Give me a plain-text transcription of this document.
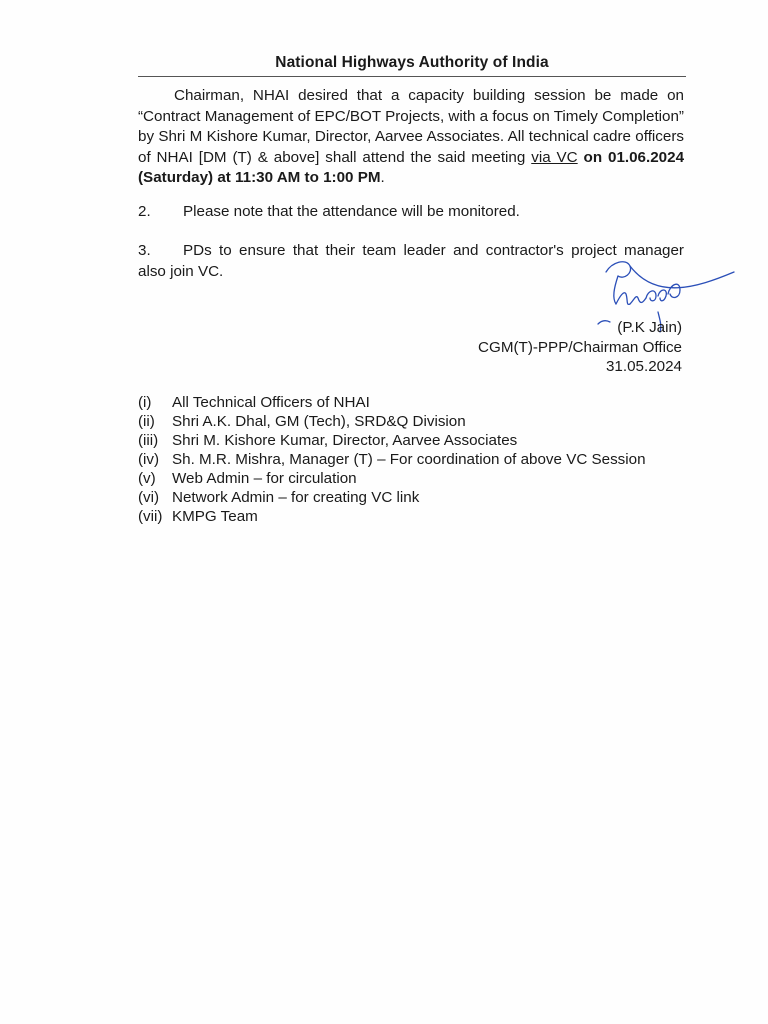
National Highways Authority of India
Chairman, NHAI desired that a capacity building session be made on “Contract Management of EPC/BOT Projects, with a focus on Timely Completion” by Shri M Kishore Kumar, Director, Aarvee Associates. All technical cadre officers of NHAI [DM (T) & above] shall attend the said meeting via VC on 01.06.2024 (Saturday) at 11:30 AM to 1:00 PM.
2. Please note that the attendance will be monitored.
3. PDs to ensure that their team leader and contractor's project manager also join VC.
(P.K Jain)
CGM(T)-PPP/Chairman Office
31.05.2024
(i) All Technical Officers of NHAI
(ii) Shri A.K. Dhal, GM (Tech), SRD&Q Division
(iii) Shri M. Kishore Kumar, Director, Aarvee Associates
(iv) Sh. M.R. Mishra, Manager (T) – For coordination of above VC Session
(v) Web Admin – for circulation
(vi) Network Admin – for creating VC link
(vii) KMPG Team
